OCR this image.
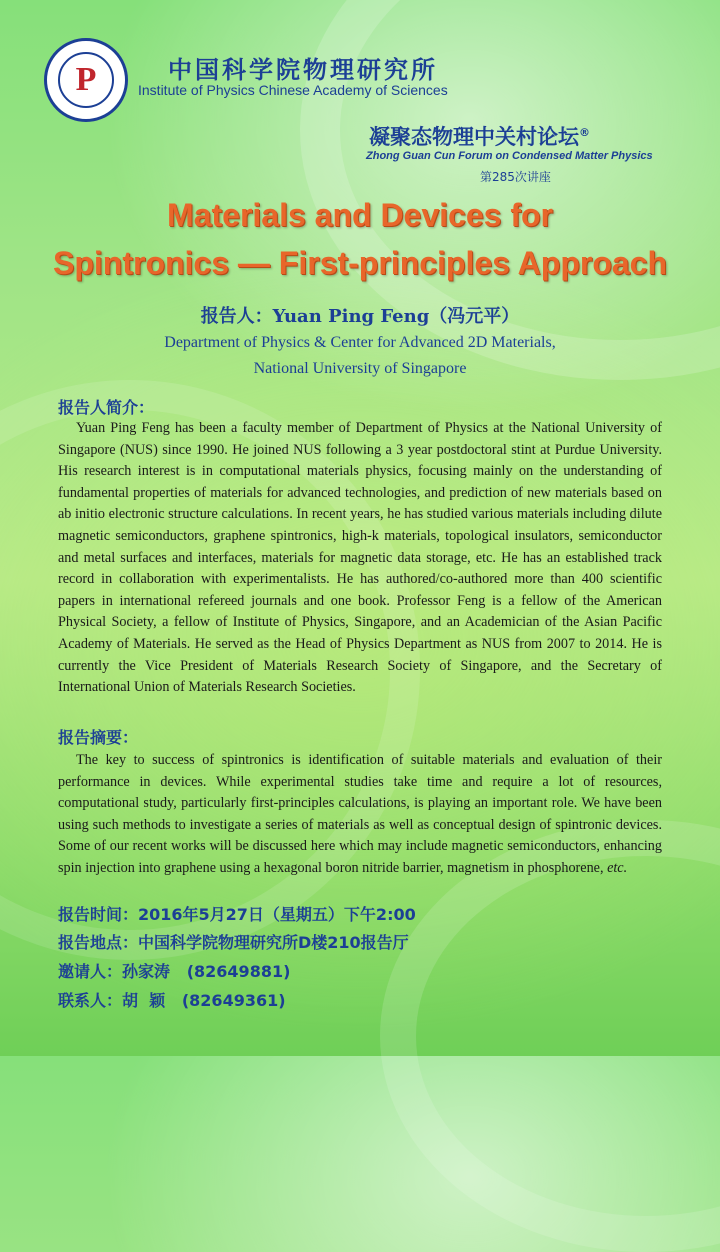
P	中国科学院物理研究所
Institute of Physics Chinese Academy of Sciences
凝聚态物理中关村论坛®
Zhong Guan Cun Forum on Condensed Matter Physics
第285次讲座
Materials and Devices for
Spintronics — First-principles Approach
报告人：Yuan Ping Feng（冯元平）
Department of Physics & Center for Advanced 2D Materials,
National University of Singapore
报告人简介：
Yuan Ping Feng has been a faculty member of Department of Physics at the National University of Singapore (NUS) since 1990. He joined NUS following a 3 year postdoctoral stint at Purdue University. His research interest is in computational materials physics, focusing mainly on the understanding of fundamental properties of materials for advanced technologies, and prediction of new materials based on ab initio electronic structure calculations. In recent years, he has studied various materials including dilute magnetic semiconductors, graphene spintronics, high-k materials, topological insulators, semiconductor and metal surfaces and interfaces, materials for magnetic data storage, etc. He has an established track record in collaboration with experimentalists. He has authored/co-authored more than 400 scientific papers in international refereed journals and one book. Professor Feng is a fellow of the American Physical Society, a fellow of Institute of Physics, Singapore, and an Academician of the Asian Pacific Academy of Materials. He served as the Head of Physics Department as NUS from 2007 to 2014. He is currently the Vice President of Materials Research Society of Singapore, and the Secretary of International Union of Materials Research Societies.
报告摘要：
The key to success of spintronics is identification of suitable materials and evaluation of their performance in devices. While experimental studies take time and require a lot of resources, computational study, particularly first-principles calculations, is playing an important role. We have been using such methods to investigate a series of materials as well as conceptual design of spintronic devices. Some of our recent works will be discussed here which may include magnetic semiconductors, enhancing spin injection into graphene using a hexagonal boron nitride barrier, magnetism in phosphorene, etc.
报告时间：2016年5月27日（星期五）下午2:00
报告地点：中国科学院物理研究所D楼210报告厅
邀请人：孙家涛   (82649881)
联系人：胡  颖   (82649361)
